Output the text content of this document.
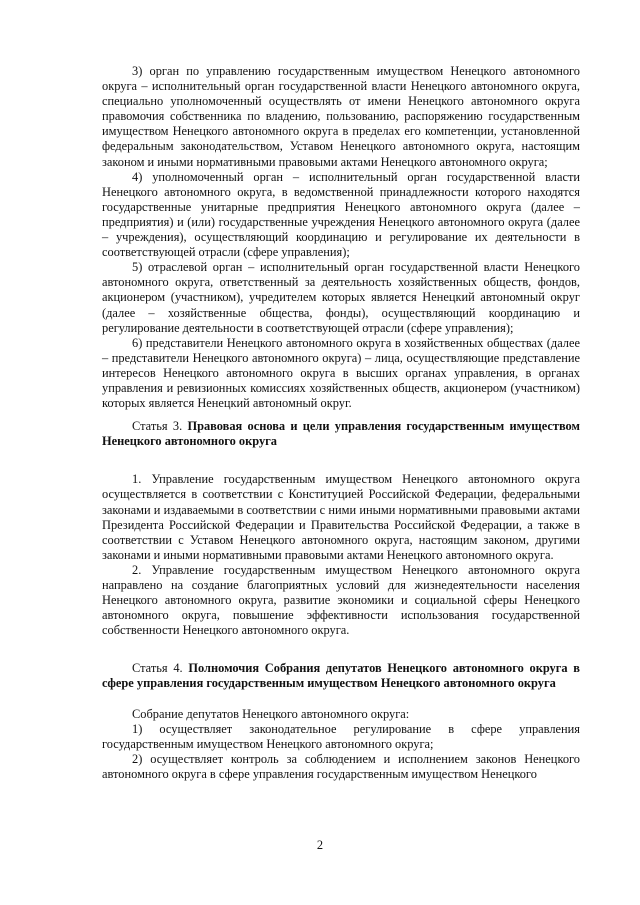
3) орган по управлению государственным имуществом Ненецкого автономного округа – исполнительный орган государственной власти Ненецкого автономного округа, специально уполномоченный осуществлять от имени Ненецкого автономного округа правомочия собственника по владению, пользованию, распоряжению государственным имуществом Ненецкого автономного округа в пределах его компетенции, установленной федеральным законодательством, Уставом Ненецкого автономного округа, настоящим законом и иными нормативными правовыми актами Ненецкого автономного округа;

4) уполномоченный орган – исполнительный орган государственной власти Ненецкого автономного округа, в ведомственной принадлежности которого находятся государственные унитарные предприятия Ненецкого автономного округа (далее – предприятия) и (или) государственные учреждения Ненецкого автономного округа (далее – учреждения), осуществляющий координацию и регулирование их деятельности в соответствующей отрасли (сфере управления);

5) отраслевой орган – исполнительный орган государственной власти Ненецкого автономного округа, ответственный за деятельность хозяйственных обществ, фондов, акционером (участником), учредителем которых является Ненецкий автономный округ (далее – хозяйственные общества, фонды), осуществляющий координацию и регулирование деятельности в соответствующей отрасли (сфере управления);

6) представители Ненецкого автономного округа в хозяйственных обществах (далее – представители Ненецкого автономного округа) – лица, осуществляющие представление интересов Ненецкого автономного округа в высших органах управления, в органах управления и ревизионных комиссиях хозяйственных обществ, акционером (участником) которых является Ненецкий автономный округ.

Статья 3. Правовая основа и цели управления государственным имуществом Ненецкого автономного округа

1. Управление государственным имуществом Ненецкого автономного округа осуществляется в соответствии с Конституцией Российской Федерации, федеральными законами и издаваемыми в соответствии с ними иными нормативными правовыми актами Президента Российской Федерации и Правительства Российской Федерации, а также в соответствии с Уставом Ненецкого автономного округа, настоящим законом, другими законами и иными нормативными правовыми актами Ненецкого автономного округа.

2. Управление государственным имуществом Ненецкого автономного округа направлено на создание благоприятных условий для жизнедеятельности населения Ненецкого автономного округа, развитие экономики и социальной сферы Ненецкого автономного округа, повышение эффективности использования государственной собственности Ненецкого автономного округа.

Статья 4. Полномочия Собрания депутатов Ненецкого автономного округа в сфере управления государственным имуществом Ненецкого автономного округа

Собрание депутатов Ненецкого автономного округа:

1) осуществляет законодательное регулирование в сфере управления государственным имуществом Ненецкого автономного округа;

2) осуществляет контроль за соблюдением и исполнением законов Ненецкого автономного округа в сфере управления государственным имуществом Ненецкого

2
